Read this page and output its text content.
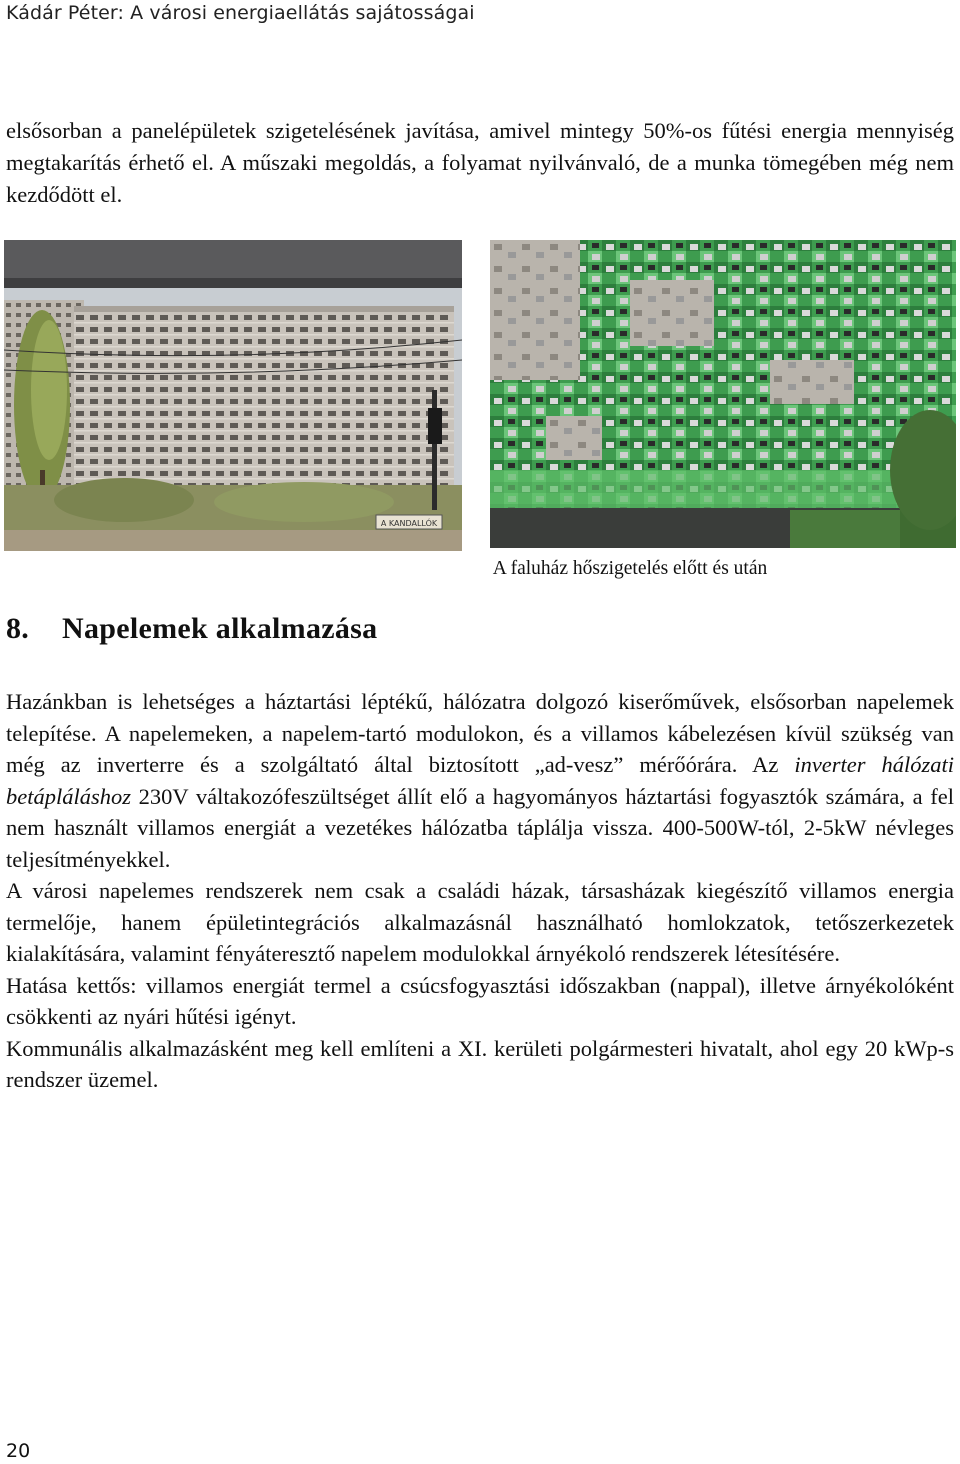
Kádár Péter: A városi energiaellátás sajátosságai

elsősorban a panelépületek szigetelésének javítása, amivel mintegy 50%-os fűtési energia mennyiség megtakarítás érhető el. A műszaki megoldás, a folyamat nyilvánvaló, de a munka tömegében még nem kezdődött el.

A KANDALLÓK
A faluház hőszigetelés előtt és után
8. Napelemek alkalmazása

Hazánkban is lehetséges a háztartási léptékű, hálózatra dolgozó kiserőművek, elsősorban napelemek telepítése. A napelemeken, a napelem-tartó modulokon, és a villamos kábelezésen kívül szükség van még az inverterre és a szolgáltató által biztosított „ad-vesz” mérőórára. Az inverter hálózati betápláláshoz 230V váltakozófeszültséget állít elő a hagyományos háztartási fogyasztók számára, a fel nem használt villamos energiát a vezetékes hálózatba táplálja vissza. 400-500W-tól, 2-5kW névleges teljesítményekkel.

A városi napelemes rendszerek nem csak a családi házak, társasházak kiegészítő villamos energia termelője, hanem épületintegrációs alkalmazásnál használható homlokzatok, tetőszerkezetek kialakítására, valamint fényáteresztő napelem modulokkal árnyékoló rendszerek létesítésére.

Hatása kettős: villamos energiát termel a csúcsfogyasztási időszakban (nappal), illetve árnyékolóként csökkenti az nyári hűtési igényt.

Kommunális alkalmazásként meg kell említeni a XI. kerületi polgármesteri hivatalt, ahol egy 20 kWp-s rendszer üzemel.

20
